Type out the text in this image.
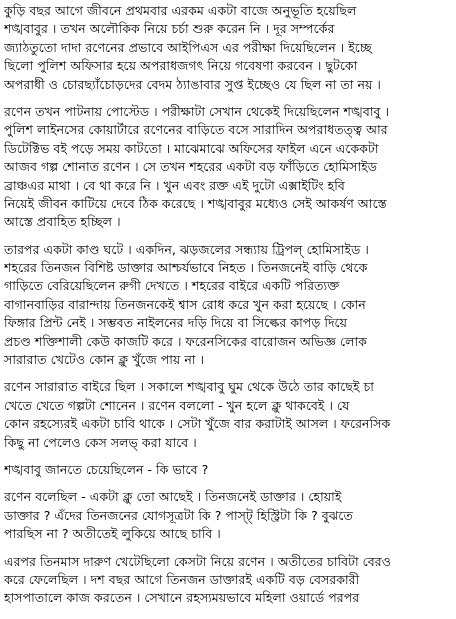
কুড়ি বছর আগে জীবনে প্রথমবার এরকম একটা বাজে অনুভূতি হয়েছিল
শঙ্খবাবুর । তখন অলৌকিক নিয়ে চর্চা শুরু করেন নি । দূর সম্পর্কের
জ্যাঠতুতো দাদা রণেনের প্রভাবে আইপিএস এর পরীক্ষা দিয়েছিলেন । ইচ্ছে
ছিলো পুলিশ অফিসার হয়ে অপরাধজগৎ নিয়ে গবেষণা করবেন । ছুটকো
অপরাধী ও চোরছ্যাঁচোড়দের বেদম ঠ্যাঙাবার সুপ্ত ইচ্ছেও যে ছিল না তা নয় ।
রণেন তখন পাটনায় পোস্টেড । পরীক্ষাটা সেখান থেকেই দিয়েছিলেন শঙ্খবাবু ।
পুলিশ লাইনসের কোয়ার্টারে রণেনের বাড়িতে বসে সারাদিন অপরাধতত্ত্ব আর
ডিটেক্টিভ বই পড়ে সময় কাটতো । মাঝেমাঝে অফিসের ফাইল এনে একেকটা
আজব গল্প শোনাত রণেন । সে তখন শহরের একটা বড় ফাঁড়িতে হোমিসাইড
ব্রাঞ্চএর মাথা । বে থা করে নি । খুন এবং রক্ত এই দুটো এক্সাইটিং হবি
নিয়েই জীবন কাটিয়ে দেবে ঠিক করেছে । শঙ্খবাবুর মধ্যেও সেই আকর্ষণ আস্তে
আস্তে প্রবাহিত হচ্ছিল ।
তারপর একটা কাণ্ড ঘটে । একদিন, ঝড়জলের সন্ধ্যায় ট্রিপল্ হোমিসাইড ।
শহরের তিনজন বিশিষ্ট ডাক্তার আশ্চর্যভাবে নিহত । তিনজনেই বাড়ি থেকে
গাড়িতে বেরিয়েছিলেন রুগী দেখতে । শহরের বাইরে একটি পরিত্যক্ত
বাগানবাড়ির বারান্দায় তিনজনকেই শ্বাস রোধ করে খুন করা হয়েছে । কোন
ফিঙ্গার প্রিন্ট নেই । সম্ভবত নাইলনের দড়ি দিয়ে বা সিল্কের কাপড় দিয়ে
প্রচণ্ড শক্তিশালী কেউ কাজটি করে । ফরেনসিকের বারোজন অভিজ্ঞ লোক
সারারাত খেটেও কোন ক্লু খুঁজে পায় না ।
রণেন সারারাত বাইরে ছিল । সকালে শঙ্খবাবু ঘুম থেকে উঠে তার কাছেই চা
খেতে খেতে গল্পটা শোনেন । রণেন বললো - খুন হলে ক্লু থাকবেই । যে
কোন রহস্যেরই একটা চাবি থাকে । সেটা খুঁজে বার করাটাই আসল । ফরেনসিক
কিছু না পেলেও কেস সলভ্ করা যাবে ।
শঙ্খবাবু জানতে চেয়েছিলেন - কি ভাবে ?
রণেন বলেছিল - একটা ক্লু তো আছেই । তিনজনেই ডাক্তার । হোয়াই
ডাক্তার ? এঁদের তিনজনের যোগসূত্রটা কি ? পাস্ট্ হিস্ট্রিটা কি ? বুঝতে
পারছিস না ? অতীতেই লুকিয়ে আছে চাবি ।
এরপর তিনমাস দারুণ খেটেছিলো কেসটা নিয়ে রণেন । অতীতের চাবিটা বেরও
করে ফেলেছিল । দশ বছর আগে তিনজন ডাক্তারই একটি বড় বেসরকারী
হাসপাতালে কাজ করতেন । সেখানে রহস্যময়ভাবে মহিলা ওয়ার্ডে পরপর
